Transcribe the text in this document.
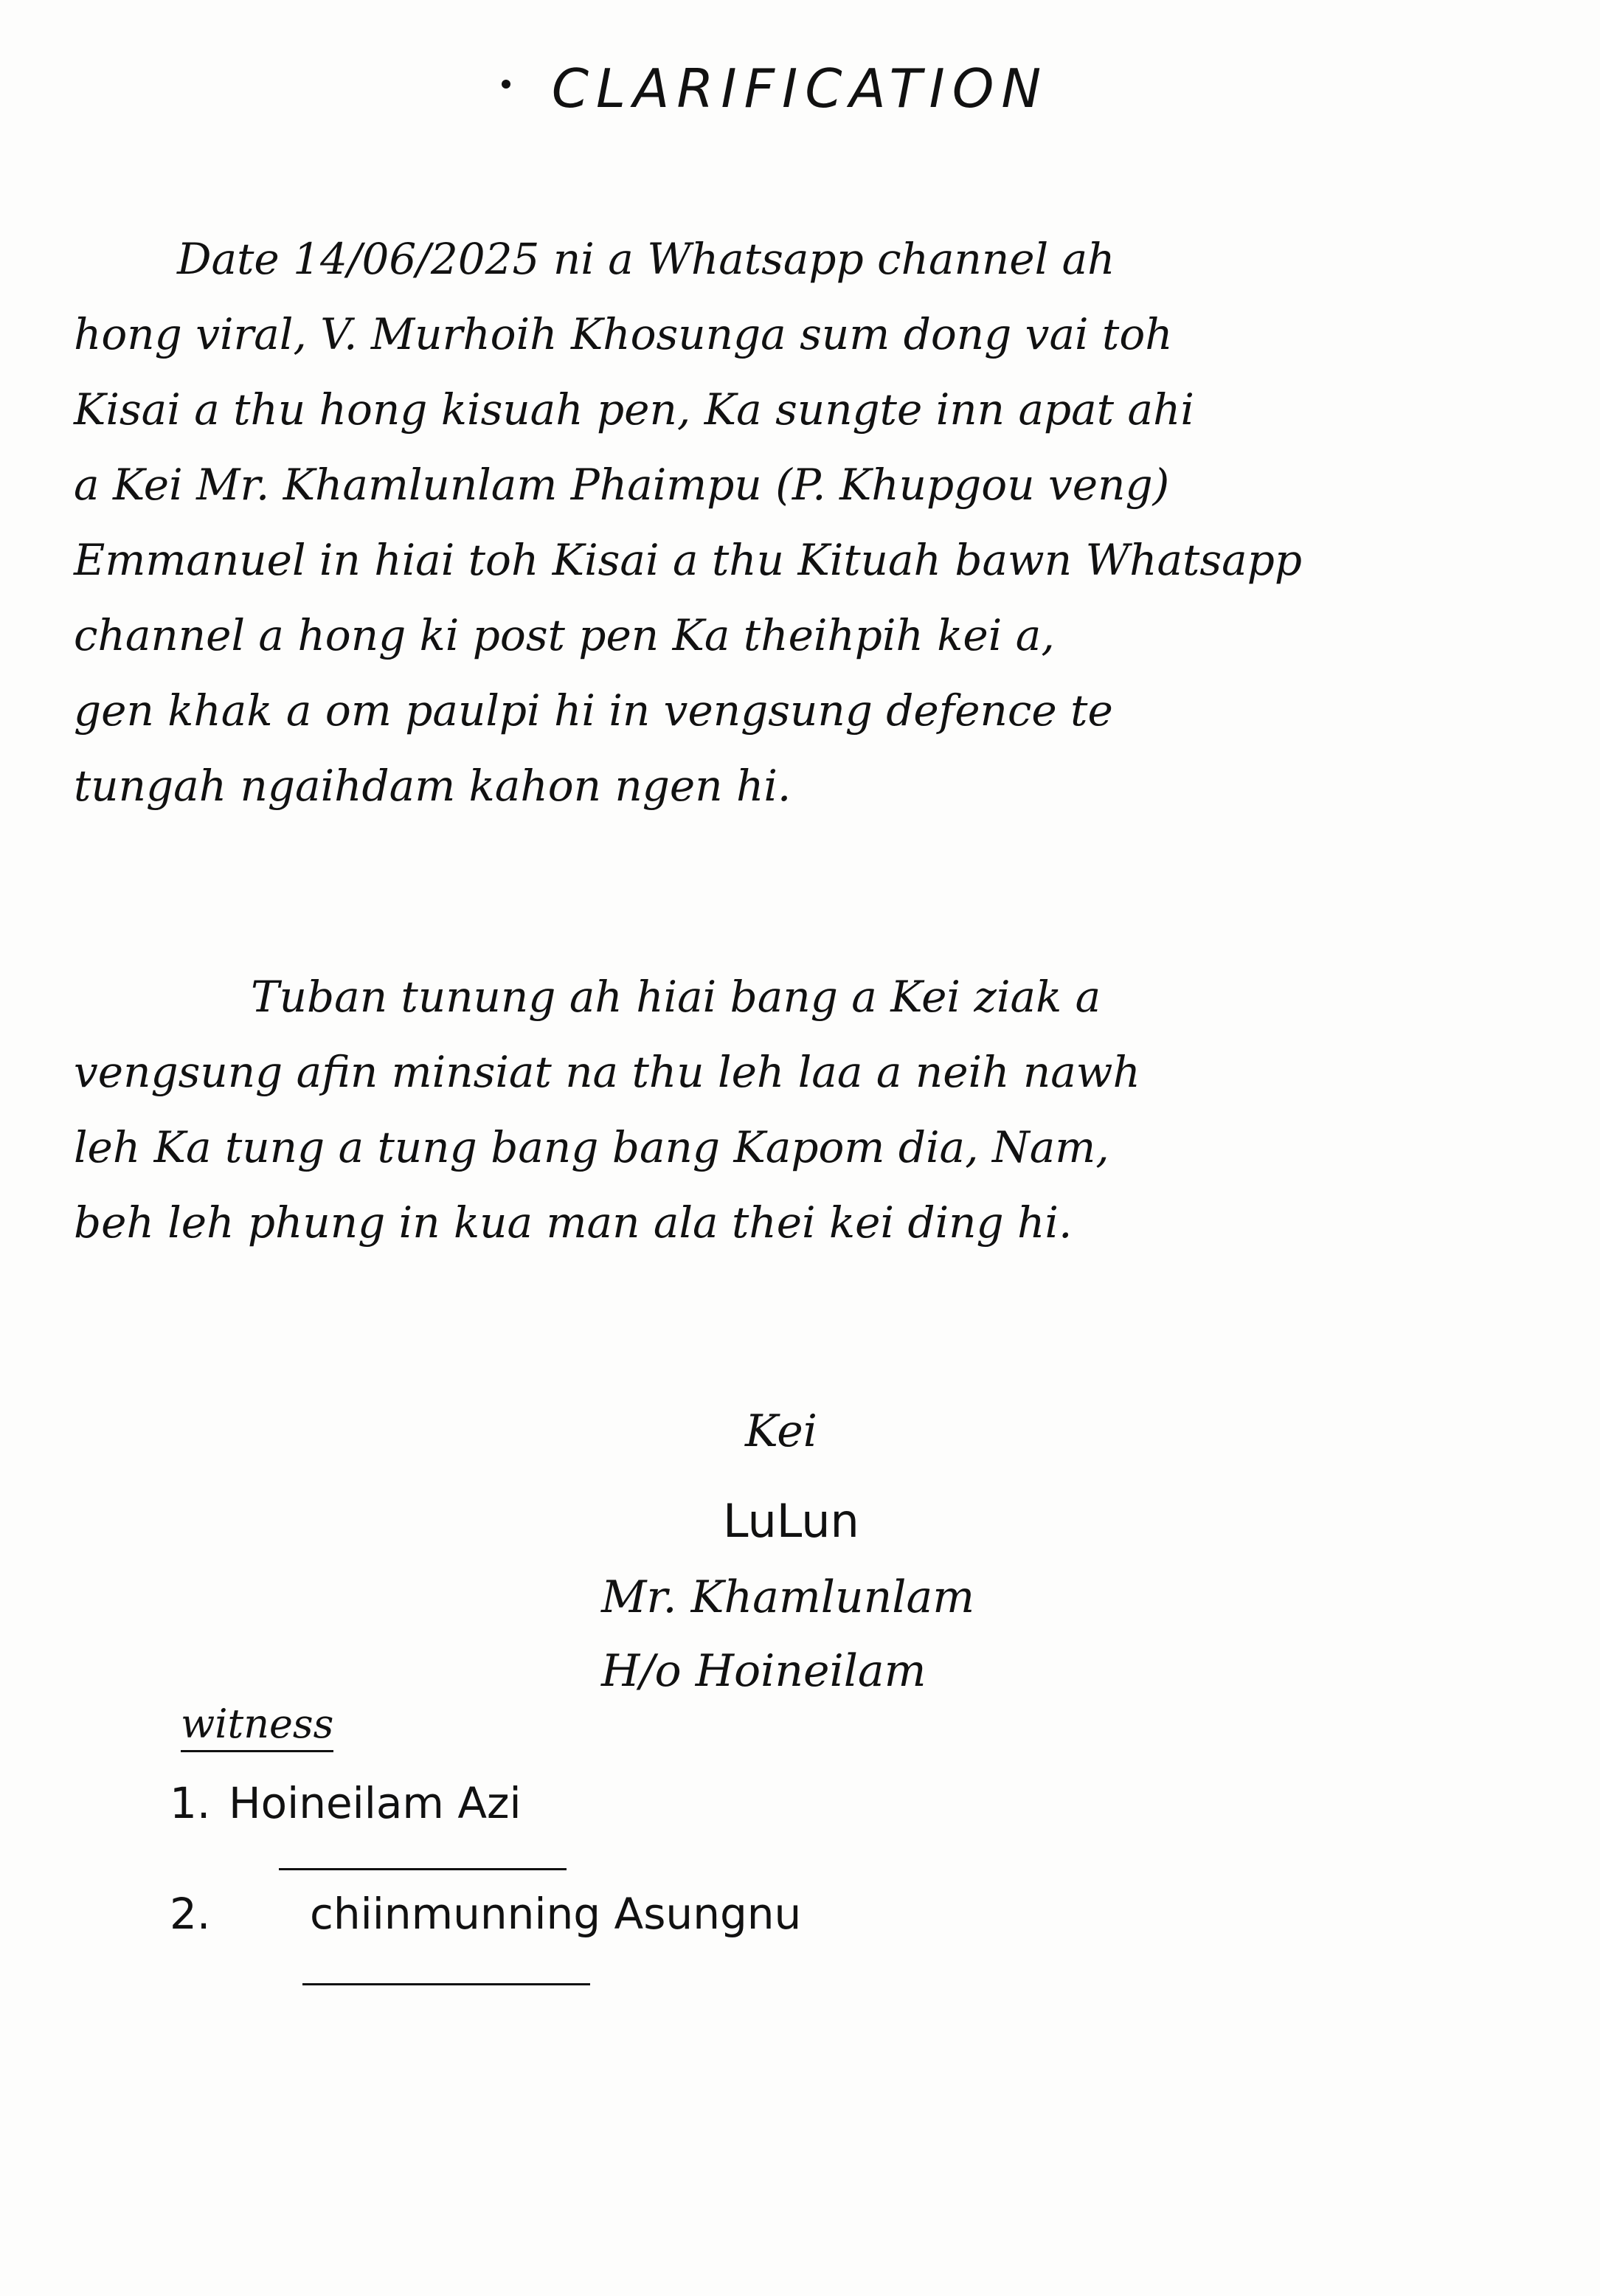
CLARIFICATION
Date 14/06/2025 ni a Whatsapp channel ah
hong viral, V. Murhoih Khosunga sum dong vai toh
Kisai a thu hong kisuah pen, Ka sungte inn apat ahi
a Kei Mr. Khamlunlam Phaimpu (P. Khupgou veng)
Emmanuel in hiai toh Kisai a thu Kituah bawn Whatsapp
channel a hong ki post pen Ka theihpih kei a,
gen khak a om paulpi hi in vengsung defence te
tungah ngaihdam kahon ngen hi.
Tuban tunung ah hiai bang a Kei ziak a
vengsung afin minsiat na thu leh laa a neih nawh
leh Ka tung a tung bang bang Kapom dia, Nam,
beh leh phung in kua man ala thei kei ding hi.
Kei
LuLun
Mr. Khamlunlam
H/o Hoineilam
witness
1. Hoineilam Azi
2. chiinmunning Asungnu
